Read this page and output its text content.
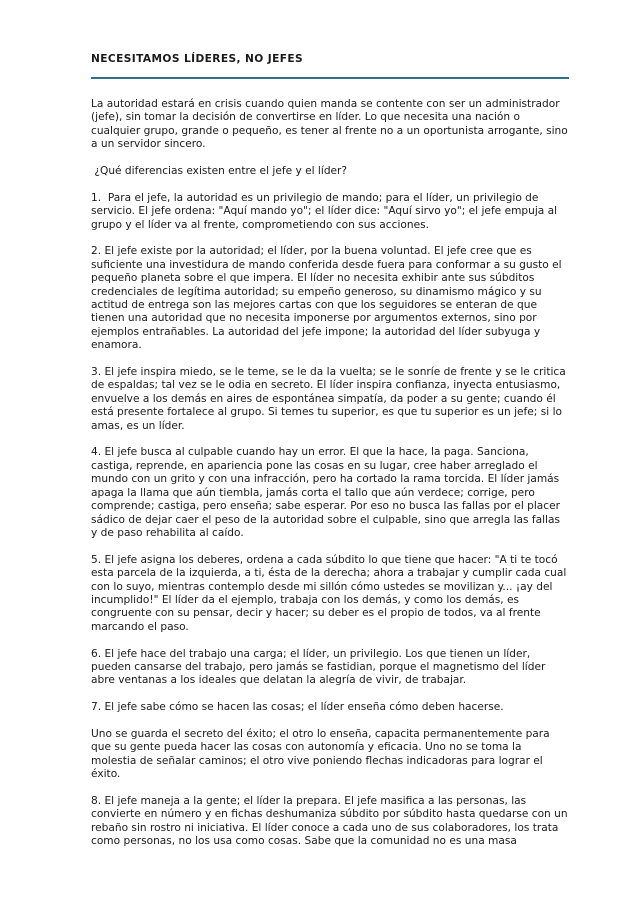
NECESITAMOS LÍDERES, NO JEFES

La autoridad estará en crisis cuando quien manda se contente con ser un administrador (jefe), sin tomar la decisión de convertirse en líder. Lo que necesita una nación o cualquier grupo, grande o pequeño, es tener al frente no a un oportunista arrogante, sino a un servidor sincero.

¿Qué diferencias existen entre el jefe y el líder?

1.  Para el jefe, la autoridad es un privilegio de mando; para el líder, un privilegio de servicio. El jefe ordena: "Aquí mando yo"; el líder dice: "Aquí sirvo yo"; el jefe empuja al grupo y el líder va al frente, comprometiendo con sus acciones.

2. El jefe existe por la autoridad; el líder, por la buena voluntad. El jefe cree que es suficiente una investidura de mando conferida desde fuera para conformar a su gusto el pequeño planeta sobre el que impera. El líder no necesita exhibir ante sus súbditos credenciales de legítima autoridad; su empeño generoso, su dinamismo mágico y su actitud de entrega son las mejores cartas con que los seguidores se enteran de que tienen una autoridad que no necesita imponerse por argumentos externos, sino por ejemplos entrañables. La autoridad del jefe impone; la autoridad del líder subyuga y enamora.

3. El jefe inspira miedo, se le teme, se le da la vuelta; se le sonríe de frente y se le critica de espaldas; tal vez se le odia en secreto. El líder inspira confianza, inyecta entusiasmo, envuelve a los demás en aires de espontánea simpatía, da poder a su gente; cuando él está presente fortalece al grupo. Si temes tu superior, es que tu superior es un jefe; si lo amas, es un líder.

4. El jefe busca al culpable cuando hay un error. El que la hace, la paga. Sanciona, castiga, reprende, en apariencia pone las cosas en su lugar, cree haber arreglado el mundo con un grito y con una infracción, pero ha cortado la rama torcida. El líder jamás apaga la llama que aún tiembla, jamás corta el tallo que aún verdece; corrige, pero comprende; castiga, pero enseña; sabe esperar. Por eso no busca las fallas por el placer sádico de dejar caer el peso de la autoridad sobre el culpable, sino que arregla las fallas y de paso rehabilita al caído.

5. El jefe asigna los deberes, ordena a cada súbdito lo que tiene que hacer: "A ti te tocó esta parcela de la izquierda, a ti, ésta de la derecha; ahora a trabajar y cumplir cada cual con lo suyo, mientras contemplo desde mi sillón cómo ustedes se movilizan y... ¡ay del incumplido!" El líder da el ejemplo, trabaja con los demás, y como los demás, es congruente con su pensar, decir y hacer; su deber es el propio de todos, va al frente marcando el paso.

6. El jefe hace del trabajo una carga; el líder, un privilegio. Los que tienen un líder, pueden cansarse del trabajo, pero jamás se fastidian, porque el magnetismo del líder abre ventanas a los ideales que delatan la alegría de vivir, de trabajar.

7. El jefe sabe cómo se hacen las cosas; el líder enseña cómo deben hacerse.

Uno se guarda el secreto del éxito; el otro lo enseña, capacita permanentemente para que su gente pueda hacer las cosas con autonomía y eficacia. Uno no se toma la molestia de señalar caminos; el otro vive poniendo flechas indicadoras para lograr el éxito.

8. El jefe maneja a la gente; el líder la prepara. El jefe masifica a las personas, las convierte en número y en fichas deshumaniza súbdito por súbdito hasta quedarse con un rebaño sin rostro ni iniciativa. El líder conoce a cada uno de sus colaboradores, los trata como personas, no los usa como cosas. Sabe que la comunidad no es una masa
